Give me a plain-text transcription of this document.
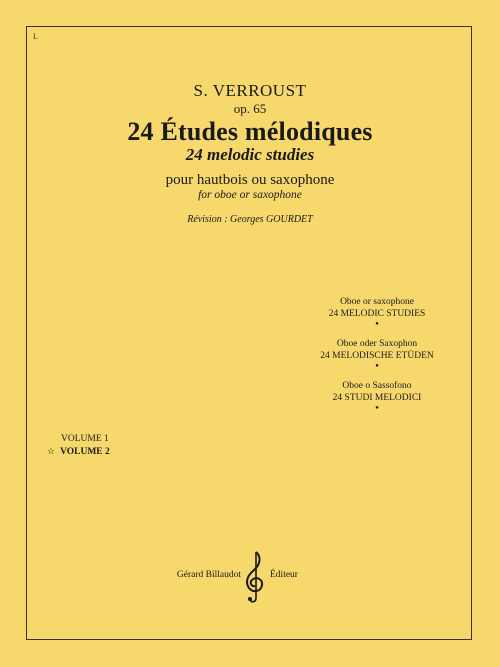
L
S. VERROUST
op. 65
24 Études mélodiques
24 melodic studies
pour hautbois ou saxophone
for oboe or saxophone
Révision : Georges GOURDET
Oboe or saxophone
24 MELODIC STUDIES
●
Oboe oder Saxophon
24 MELODISCHE ETÜDEN
●
Oboe o Sassofono
24 STUDI MELODICI
●
VOLUME 1
☆ VOLUME 2
Gérard Billaudot	Éditeur
